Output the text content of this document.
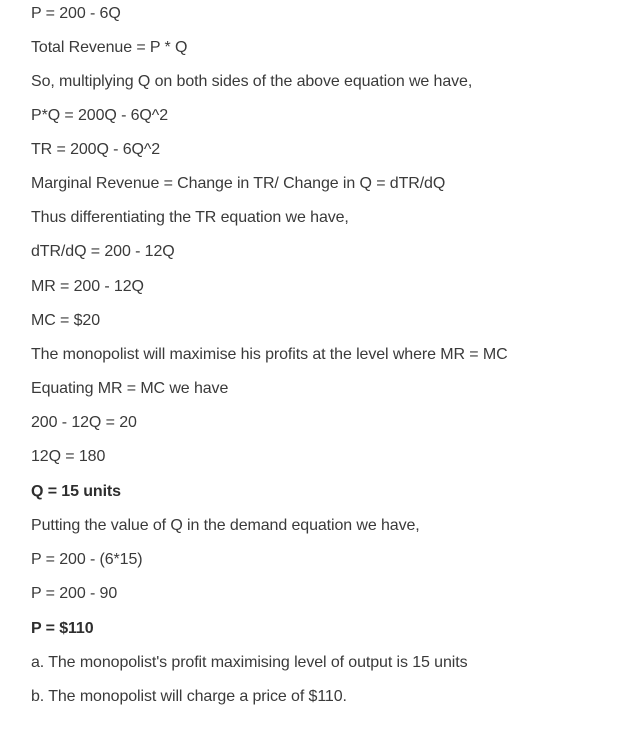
P = 200 - 6Q
Total Revenue = P * Q
So, multiplying Q on both sides of the above equation we have,
P*Q = 200Q - 6Q^2
TR = 200Q - 6Q^2
Marginal Revenue = Change in TR/ Change in Q = dTR/dQ
Thus differentiating the TR equation we have,
dTR/dQ = 200 - 12Q
MR = 200 - 12Q
MC = $20
The monopolist will maximise his profits at the level where MR = MC
Equating MR = MC we have
200 - 12Q = 20
12Q = 180
Q = 15 units
Putting the value of Q in the demand equation we have,
P = 200 - (6*15)
P = 200 - 90
P = $110
a. The monopolist's profit maximising level of output is 15 units
b. The monopolist will charge a price of $110.
